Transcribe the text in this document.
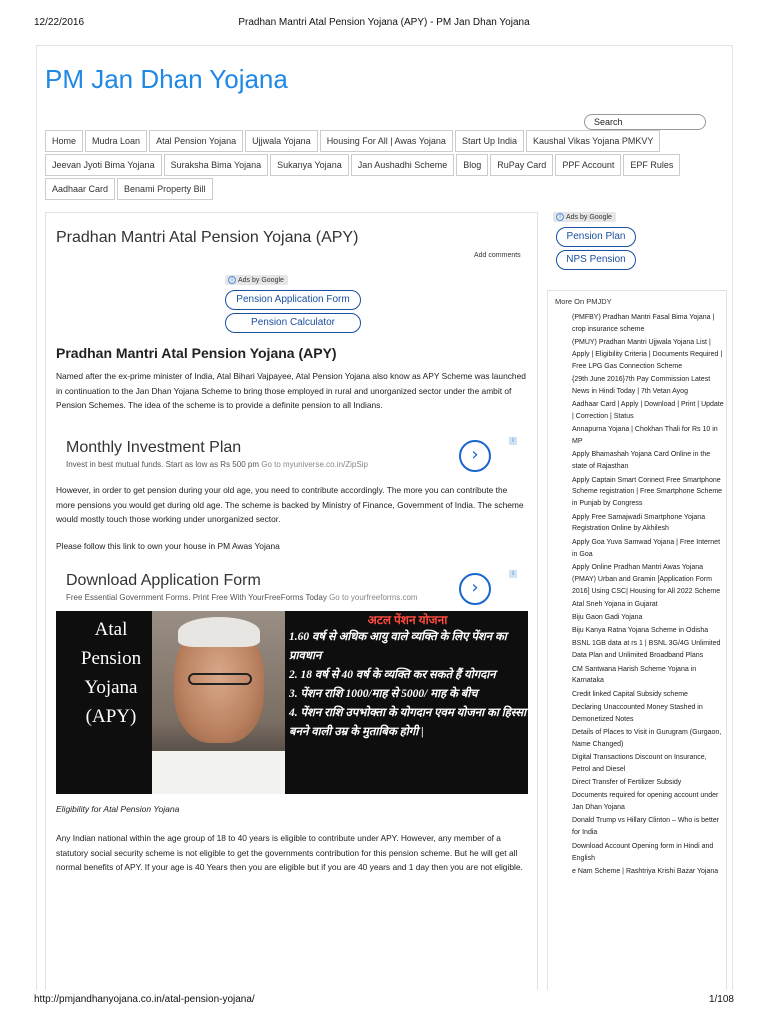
12/22/2016	Pradhan Mantri Atal Pension Yojana (APY) - PM Jan Dhan Yojana
PM Jan Dhan Yojana
Search
Home	Mudra Loan	Atal Pension Yojana	Ujjwala Yojana	Housing For All | Awas Yojana	Start Up India	Kaushal Vikas Yojana PMKVY
Jeevan Jyoti Bima Yojana	Suraksha Bima Yojana	Sukanya Yojana	Jan Aushadhi Scheme	Blog	RuPay Card	PPF Account	EPF Rules
Aadhaar Card	Benami Property Bill
Pradhan Mantri Atal Pension Yojana (APY)
Add comments
i Ads by Google
Pension Application Form
Pension Calculator
Pradhan Mantri Atal Pension Yojana (APY)
Named after the ex-prime minister of India, Atal Bihari Vajpayee, Atal Pension Yojana also know as APY Scheme was launched in continuation to the Jan Dhan Yojana Scheme to bring those employed in rural and unorganized sector under the ambit of Pension Schemes. The idea of the scheme is to provide a definite pension to all Indians.
Monthly Investment Plan
Invest in best mutual funds. Start as low as Rs 500 pm Go to myuniverse.co.in/ZipSip	›
i
However, in order to get pension during your old age, you need to contribute accordingly. The more you can contribute the more pensions you would get during old age. The scheme is backed by Ministry of Finance, Government of India. The scheme would mostly touch those working under unorganized sector.
Please follow this link to own your house in PM Awas Yojana
Download Application Form
Free Essential Government Forms. Print Free With YourFreeForms Today Go to yourfreeforms.com	›
i
Atal
Pension
Yojana
(APY)
अटल पेंशन योजना
1.60 वर्ष से अधिक आयु वाले व्यक्ति के लिए पेंशन का प्रावधान
2. 18 वर्ष से 40 वर्ष के व्यक्ति कर सकते हैं योगदान
3. पेंशन राशि 1000/माह से 5000/ माह के बीच
4. पेंशन राशि उपभोक्ता के योगदान एवम योजना का हिस्सा बनने वाली उम्र के मुताबिक होगी |
Eligibility for Atal Pension Yojana
Any Indian national within the age group of 18 to 40 years is eligible to contribute under APY. However, any member of a statutory social security scheme is not eligible to get the governments contribution for this pension scheme. But he will get all normal benefits of APY. If your age is 40 Years then you are eligible but if you are 40 years and 1 day then you are not eligible.
i Ads by Google
Pension Plan
NPS Pension
More On PMJDY
(PMFBY) Pradhan Mantri Fasal Bima Yojana | crop insurance scheme
(PMUY) Pradhan Mantri Ujjwala Yojana List | Apply | Eligibility Criteria | Documents Required | Free LPG Gas Connection Scheme
{29th June 2016}7th Pay Commission Latest News in Hindi Today | 7th Vetan Ayog
Aadhaar Card | Apply | Download | Print | Update | Correction | Status
Annapurna Yojana | Chokhan Thali for Rs 10 in MP
Apply Bhamashah Yojana Card Online in the state of Rajasthan
Apply Captain Smart Connect Free Smartphone Scheme registration | Free Smartphone Scheme in Punjab by Congress
Apply Free Samajwadi Smartphone Yojana Registration Online by Akhilesh
Apply Goa Yuva Samwad Yojana | Free Internet in Goa
Apply Online Pradhan Mantri Awas Yojana (PMAY) Urban and Gramin [Application Form 2016] Using CSC| Housing for All 2022 Scheme
Atal Sneh Yojana in Gujarat
Biju Gaon Gadi Yojana
Biju Kanya Ratna Yojana Scheme in Odisha
BSNL 1GB data at rs 1 | BSNL 3G/4G Unlimited Data Plan and Unlimited Broadband Plans
CM Santwana Harish Scheme Yojana in Karnataka
Credit linked Capital Subsidy scheme
Declaring Unaccounted Money Stashed in Demonetized Notes
Details of Places to Visit in Gurugram (Gurgaon, Name Changed)
Digital Transactions Discount on Insurance, Petrol and Diesel
Direct Transfer of Fertilizer Subsidy
Documents required for opening account under Jan Dhan Yojana
Donald Trump vs Hillary Clinton – Who is better for India
Download Account Opening form in Hindi and English
e Nam Scheme | Rashtriya Krishi Bazar Yojana
http://pmjandhanyojana.co.in/atal-pension-yojana/	1/108
